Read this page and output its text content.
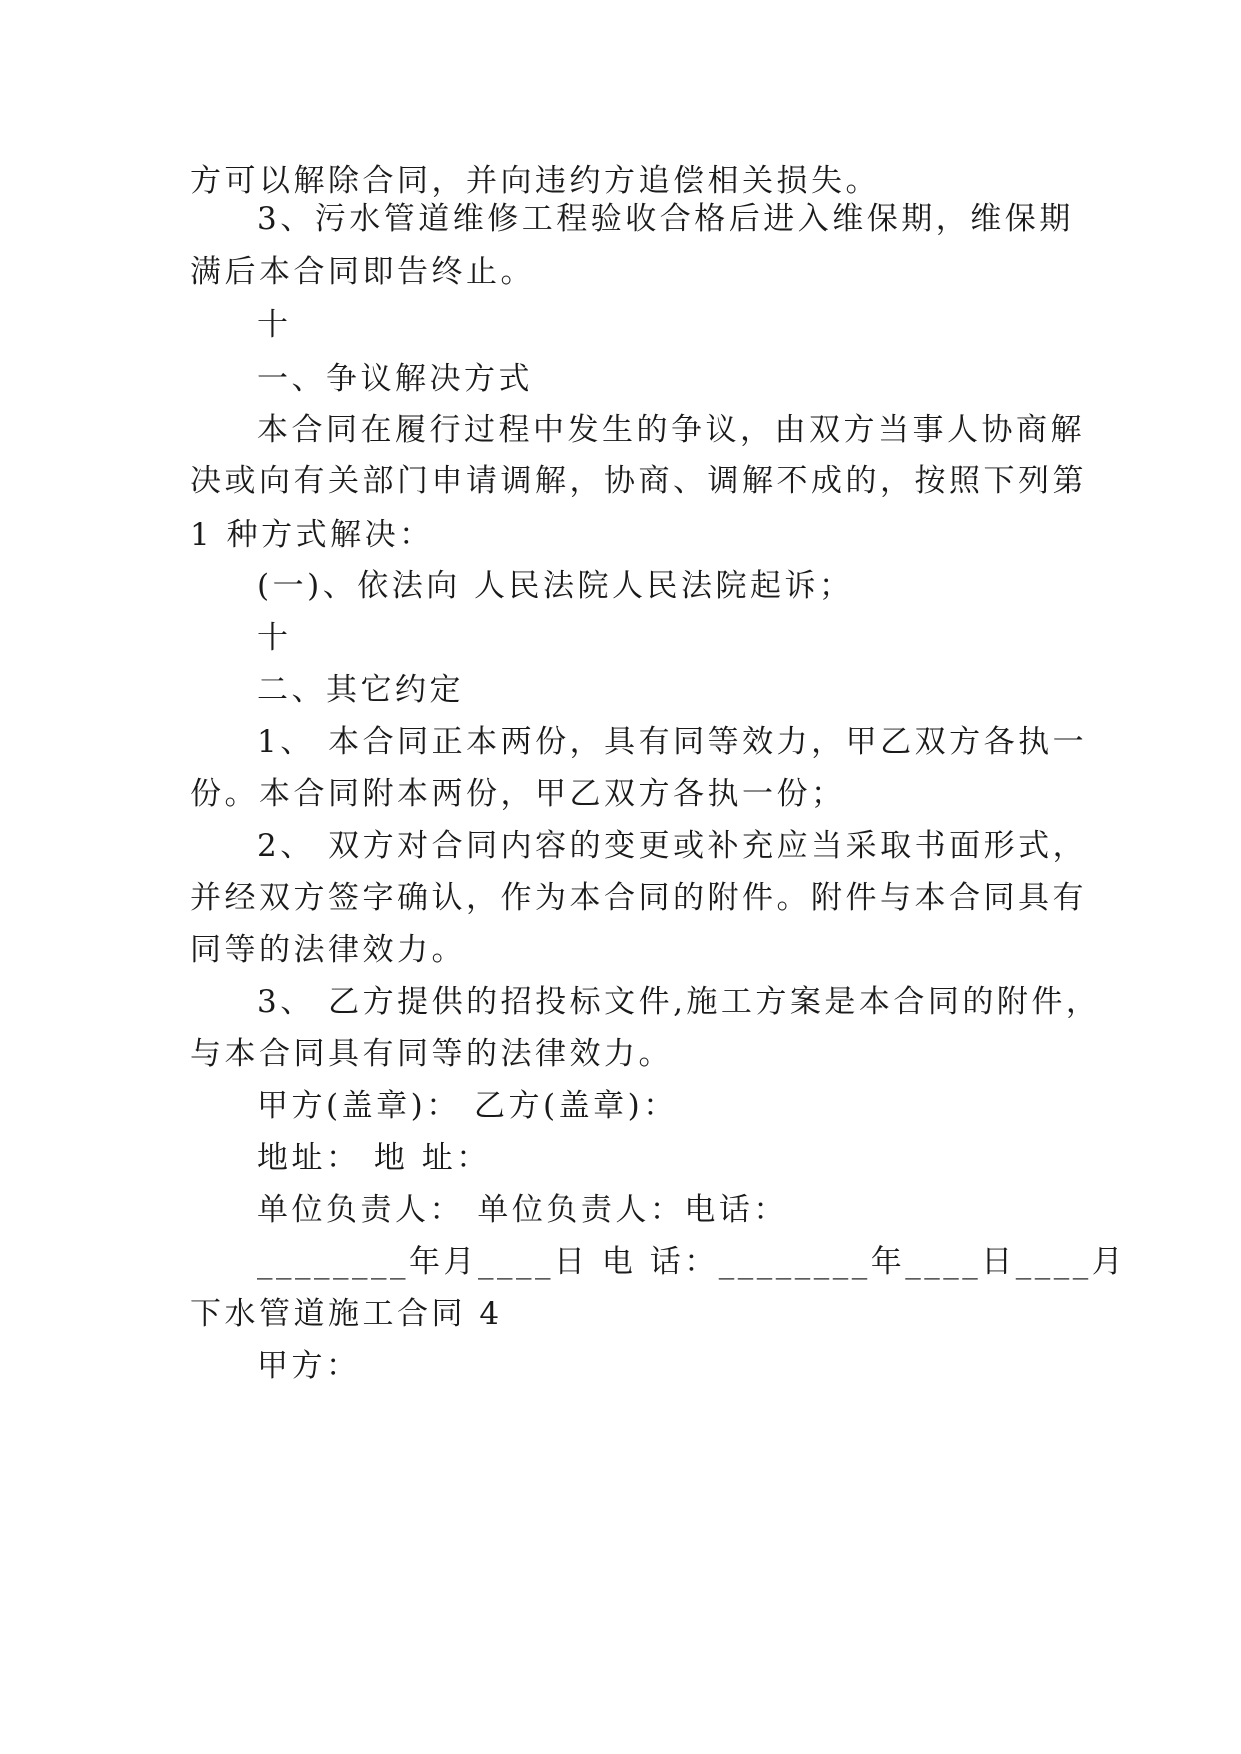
方可以解除合同，并向违约方追偿相关损失。
3、污水管道维修工程验收合格后进入维保期，维保期
满后本合同即告终止。
十
一、争议解决方式
本合同在履行过程中发生的争议，由双方当事人协商解
决或向有关部门申请调解，协商、调解不成的，按照下列第
1 种方式解决：
(一)、依法向 人民法院人民法院起诉；
十
二、其它约定
1、 本合同正本两份，具有同等效力，甲乙双方各执一
份。本合同附本两份，甲乙双方各执一份；
2、 双方对合同内容的变更或补充应当采取书面形式，
并经双方签字确认，作为本合同的附件。附件与本合同具有
同等的法律效力。
3、 乙方提供的招投标文件,施工方案是本合同的附件，
与本合同具有同等的法律效力。
甲方(盖章)： 乙方(盖章)：
地址： 地 址：
单位负责人： 单位负责人：电话：
________年月____日 电 话：________年____日____月
下水管道施工合同 4
甲方：
